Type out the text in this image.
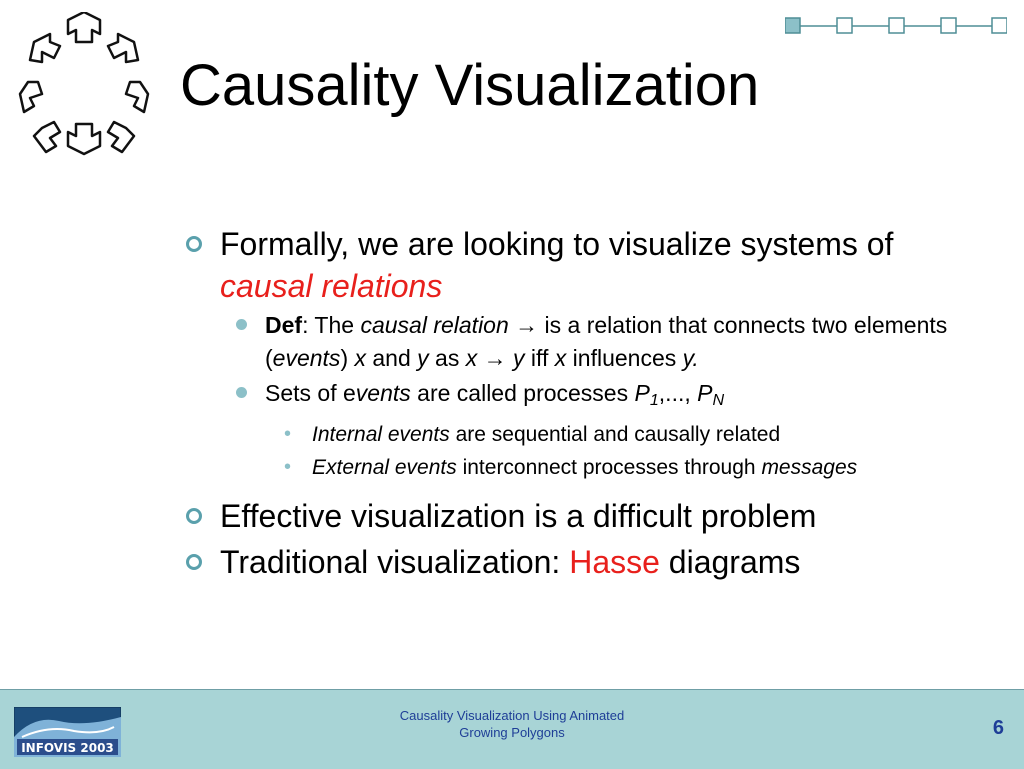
Causality Visualization
Formally, we are looking to visualize systems of causal relations
Def: The causal relation → is a relation that connects two elements (events) x and y as x → y iff x influences y.
Sets of events are called processes $P_1$,..., $P_N$
• Internal events are sequential and causally related
• External events interconnect processes through messages
Effective visualization is a difficult problem
Traditional visualization: Hasse diagrams
INFOVIS 2003
Causality Visualization Using Animated
Growing Polygons	6
